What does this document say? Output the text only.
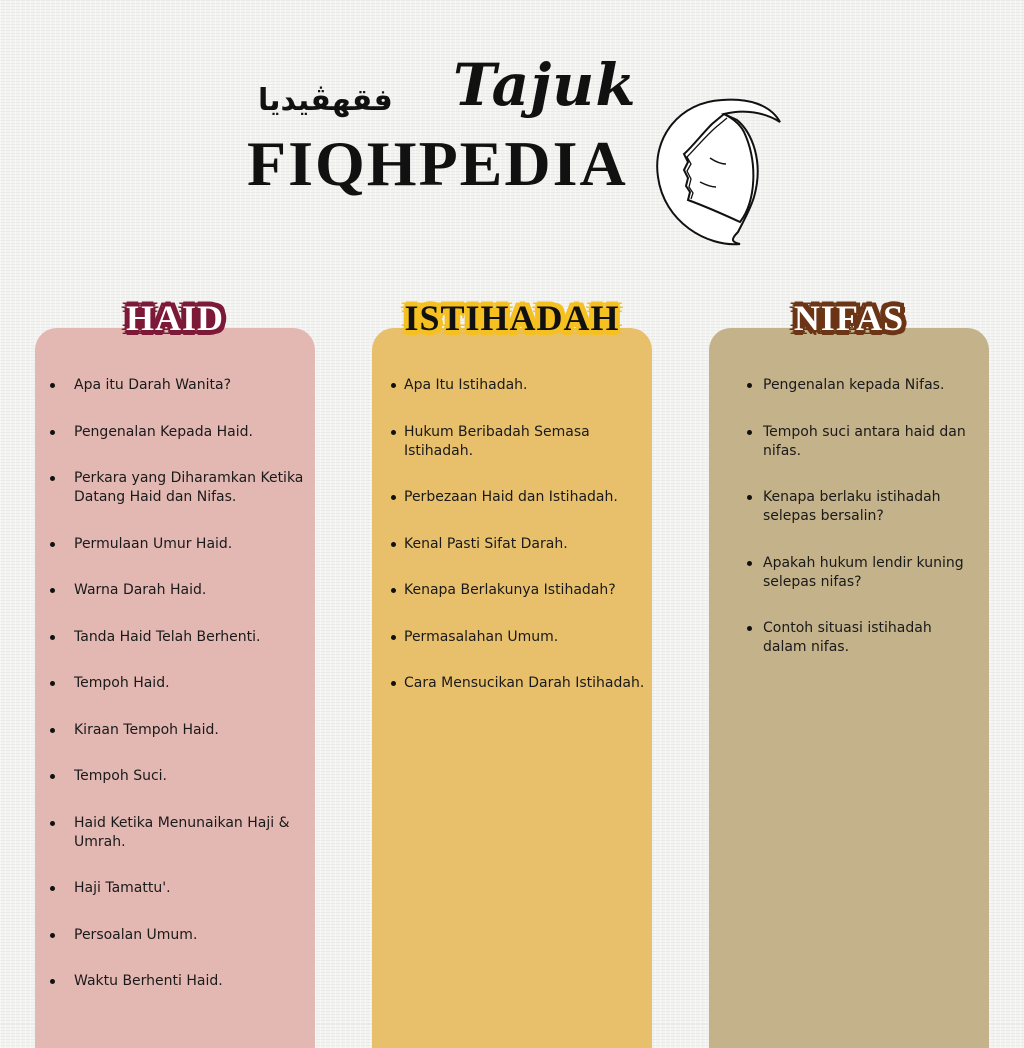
Tajuk
فقهڤيديا
FIQHPEDIA
HAID	ISTIHADAH	NIFAS
Apa itu Darah Wanita?
Pengenalan Kepada Haid.
Perkara yang Diharamkan Ketika Datang Haid dan Nifas.
Permulaan Umur Haid.
Warna Darah Haid.
Tanda Haid Telah Berhenti.
Tempoh Haid.
Kiraan Tempoh Haid.
Tempoh Suci.
Haid Ketika Menunaikan Haji & Umrah.
Haji Tamattu'.
Persoalan Umum.
Waktu Berhenti Haid.
Apa Itu Istihadah.
Hukum Beribadah Semasa Istihadah.
Perbezaan Haid dan Istihadah.
Kenal Pasti Sifat Darah.
Kenapa Berlakunya Istihadah?
Permasalahan Umum.
Cara Mensucikan Darah Istihadah.
Pengenalan kepada Nifas.
Tempoh suci antara haid dan nifas.
Kenapa berlaku istihadah selepas bersalin?
Apakah hukum lendir kuning selepas nifas?
Contoh situasi istihadah dalam nifas.
